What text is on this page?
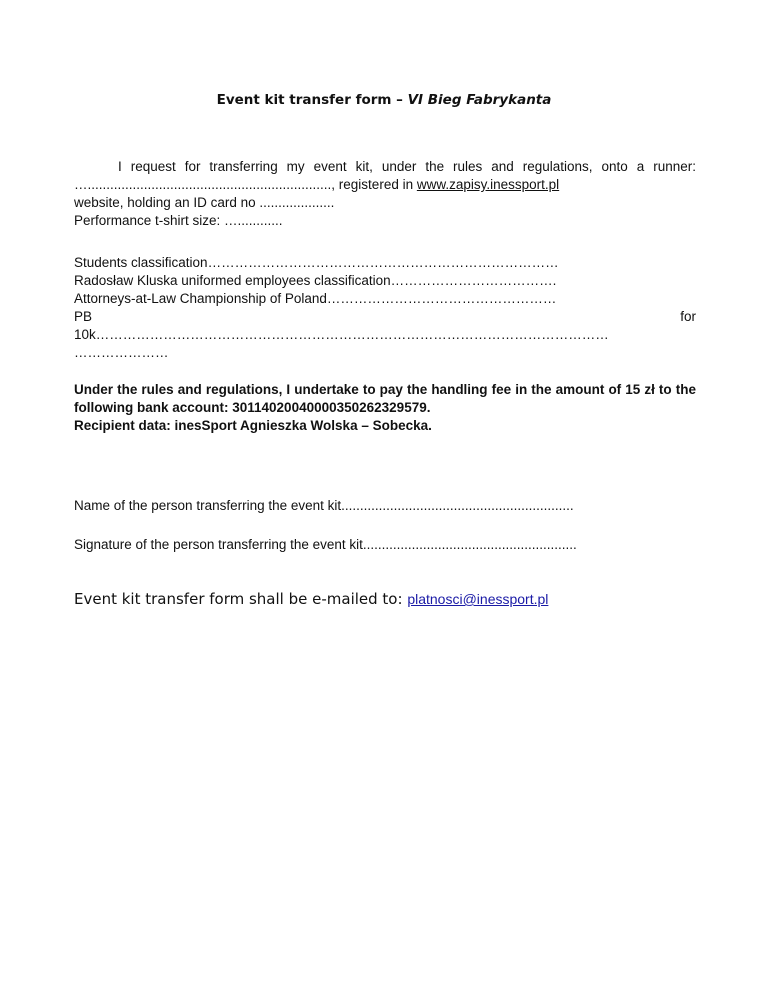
Event kit transfer form – VI Bieg Fabrykanta
I request for transferring my event kit, under the rules and regulations, onto a runner: …................................................................., registered in www.zapisy.inessport.pl
website, holding an ID card no ....................
Performance t-shirt size: …............
Students classification……………………………………………………………………
Radosław Kluska uniformed employees classification……………………………….
Attorneys-at-Law Championship of Poland……………………………………………
PB	for
10k……………………………………………………………………………………………………
…………………
Under the rules and regulations, I undertake to pay the handling fee in the amount of 15 zł to the following bank account: 30114020040000350262329579.
Recipient data: inesSport Agnieszka Wolska – Sobecka.
Name of the person transferring the event kit..............................................................
Signature of the person transferring the event kit.........................................................
Event kit transfer form shall be e-mailed to: platnosci@inessport.pl
